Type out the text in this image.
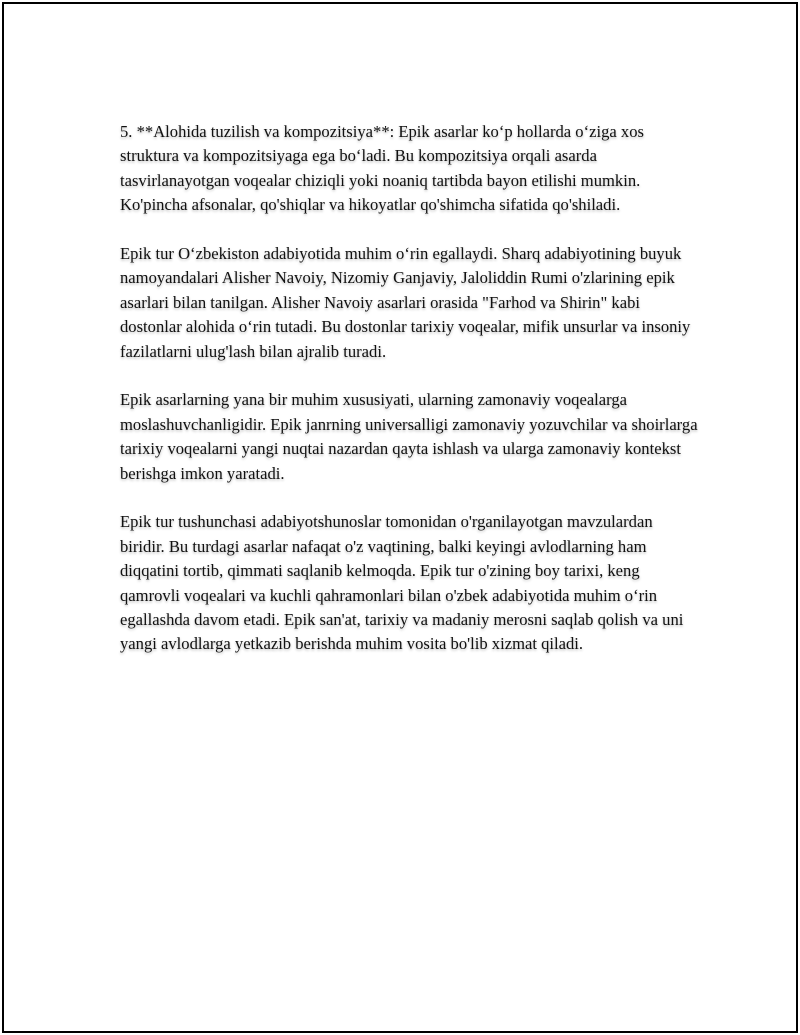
5. **Alohida tuzilish va kompozitsiya**: Epik asarlar ko‘p hollarda o‘ziga xos struktura va kompozitsiyaga ega bo‘ladi. Bu kompozitsiya orqali asarda tasvirlanayotgan voqealar chiziqli yoki noaniq tartibda bayon etilishi mumkin. Ko'pincha afsonalar, qo'shiqlar va hikoyatlar qo'shimcha sifatida qo'shiladi.

Epik tur O‘zbekiston adabiyotida muhim o‘rin egallaydi. Sharq adabiyotining buyuk namoyandalari Alisher Navoiy, Nizomiy Ganjaviy, Jaloliddin Rumi o'zlarining epik asarlari bilan tanilgan. Alisher Navoiy asarlari orasida "Farhod va Shirin" kabi dostonlar alohida o‘rin tutadi. Bu dostonlar tarixiy voqealar, mifik unsurlar va insoniy fazilatlarni ulug'lash bilan ajralib turadi.

Epik asarlarning yana bir muhim xususiyati, ularning zamonaviy voqealarga moslashuvchanligidir. Epik janrning universalligi zamonaviy yozuvchilar va shoirlarga tarixiy voqealarni yangi nuqtai nazardan qayta ishlash va ularga zamonaviy kontekst berishga imkon yaratadi.

Epik tur tushunchasi adabiyotshunoslar tomonidan o'rganilayotgan mavzulardan biridir. Bu turdagi asarlar nafaqat o'z vaqtining, balki keyingi avlodlarning ham diqqatini tortib, qimmati saqlanib kelmoqda. Epik tur o'zining boy tarixi, keng qamrovli voqealari va kuchli qahramonlari bilan o'zbek adabiyotida muhim o‘rin egallashda davom etadi. Epik san'at, tarixiy va madaniy merosni saqlab qolish va uni yangi avlodlarga yetkazib berishda muhim vosita bo'lib xizmat qiladi.
